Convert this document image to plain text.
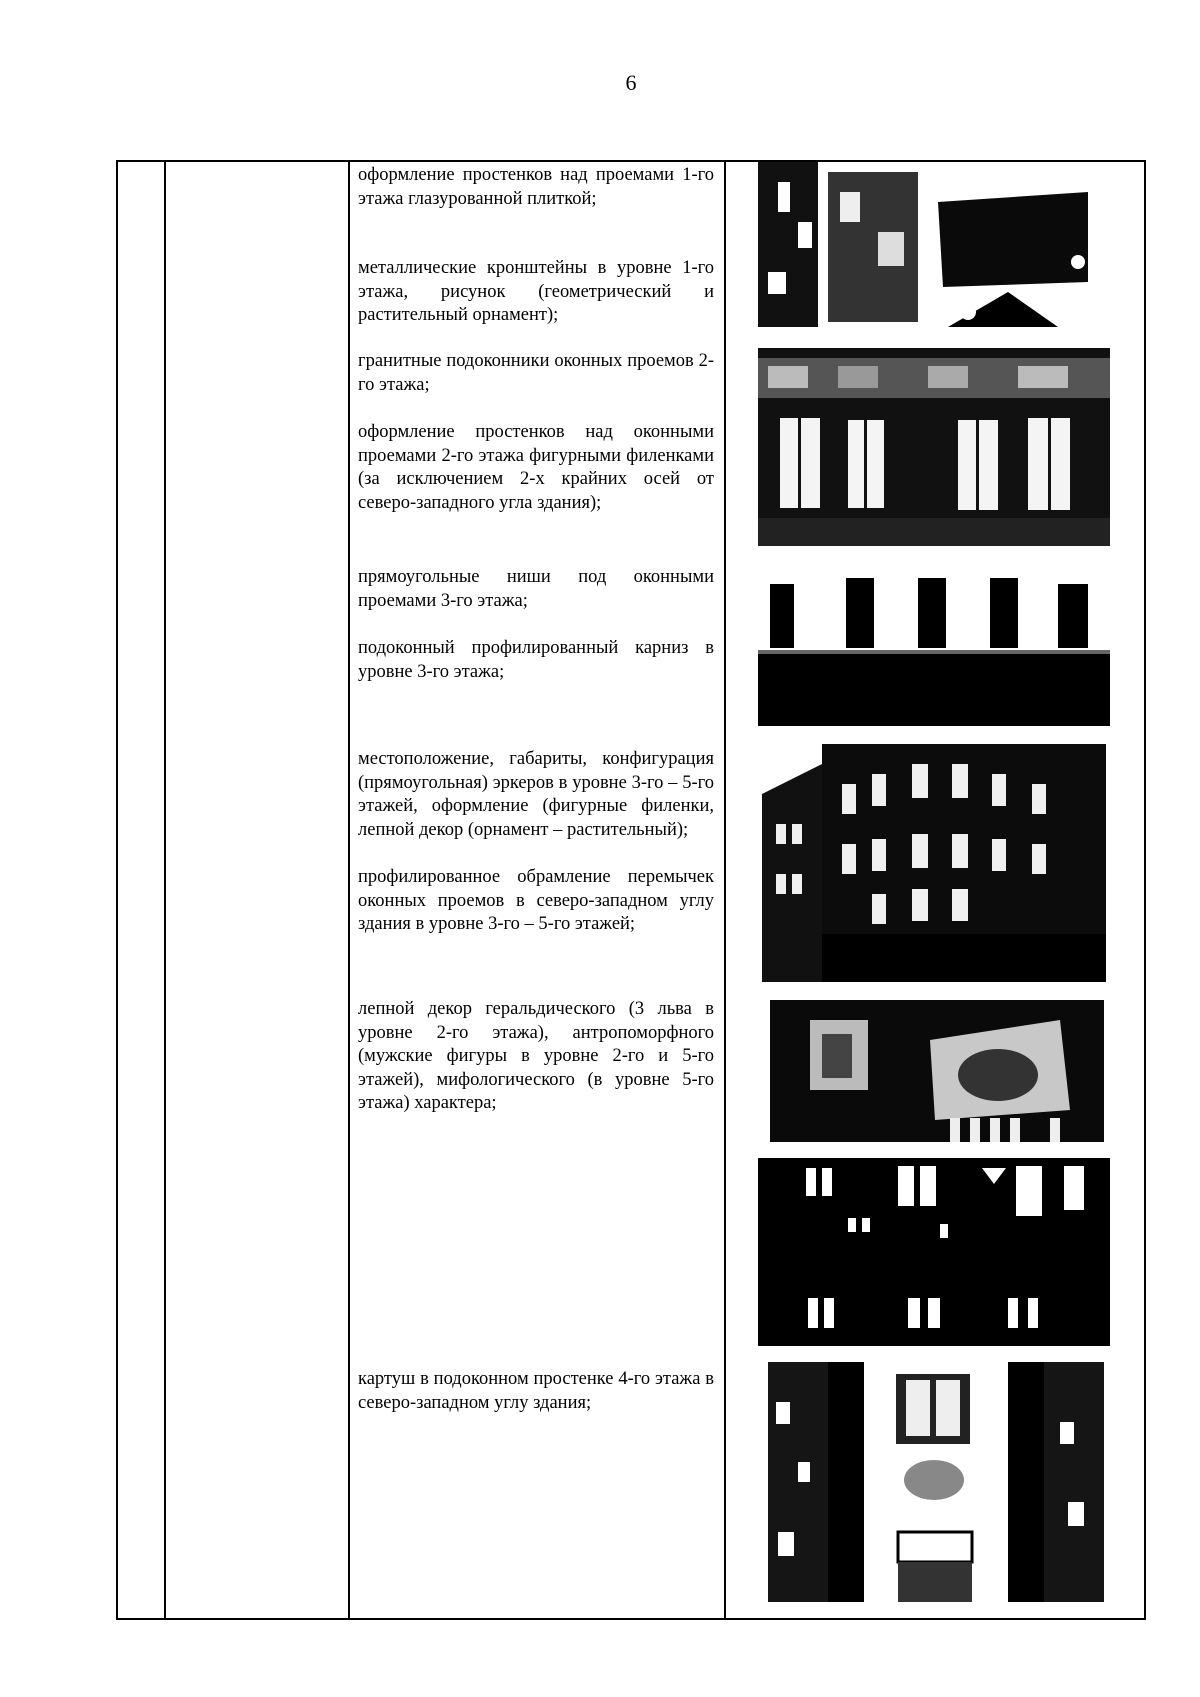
6

оформление простенков над проемами 1-го этажа глазурованной плиткой;

металлические кронштейны в уровне 1-го этажа, рисунок (геометрический и растительный орнамент);

гранитные подоконники оконных проемов 2-го этажа;

оформление простенков над оконными проемами 2-го этажа фигурными филенками (за исключением 2-х крайних осей от северо-западного угла здания);

прямоугольные ниши под оконными проемами 3-го этажа;

подоконный профилированный карниз в уровне 3-го этажа;

местоположение, габариты, конфигурация (прямоугольная) эркеров в уровне 3-го – 5-го этажей, оформление (фигурные филенки, лепной декор (орнамент – растительный);

профилированное обрамление перемычек оконных проемов в северо-западном углу здания в уровне 3-го – 5-го этажей;

лепной декор геральдического (3 льва в уровне 2-го этажа), антропоморфного (мужские фигуры в уровне 2-го и 5-го этажей), мифологического (в уровне 5-го этажа) характера;

картуш в подоконном простенке 4-го этажа в северо-западном углу здания;
